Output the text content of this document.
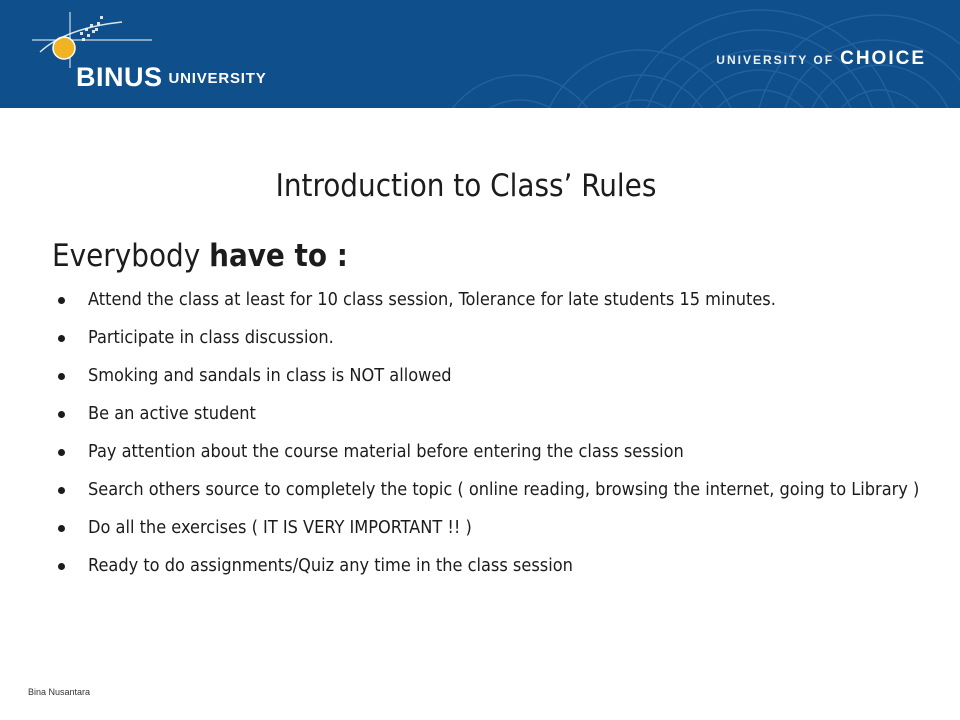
BINUS UNIVERSITY
UNIVERSITY OF CHOICE
Introduction to Class’ Rules
Everybody have to :
Attend the class at least for 10 class session, Tolerance for late students 15 minutes.
Participate in class discussion.
Smoking and sandals in class is NOT allowed
Be an active student
Pay attention about the course material before entering the class session
Search others source to completely the topic ( online reading, browsing the internet, going to Library )
Do all the exercises ( IT IS VERY IMPORTANT !! )
Ready to do assignments/Quiz any time in the class session
Bina Nusantara
